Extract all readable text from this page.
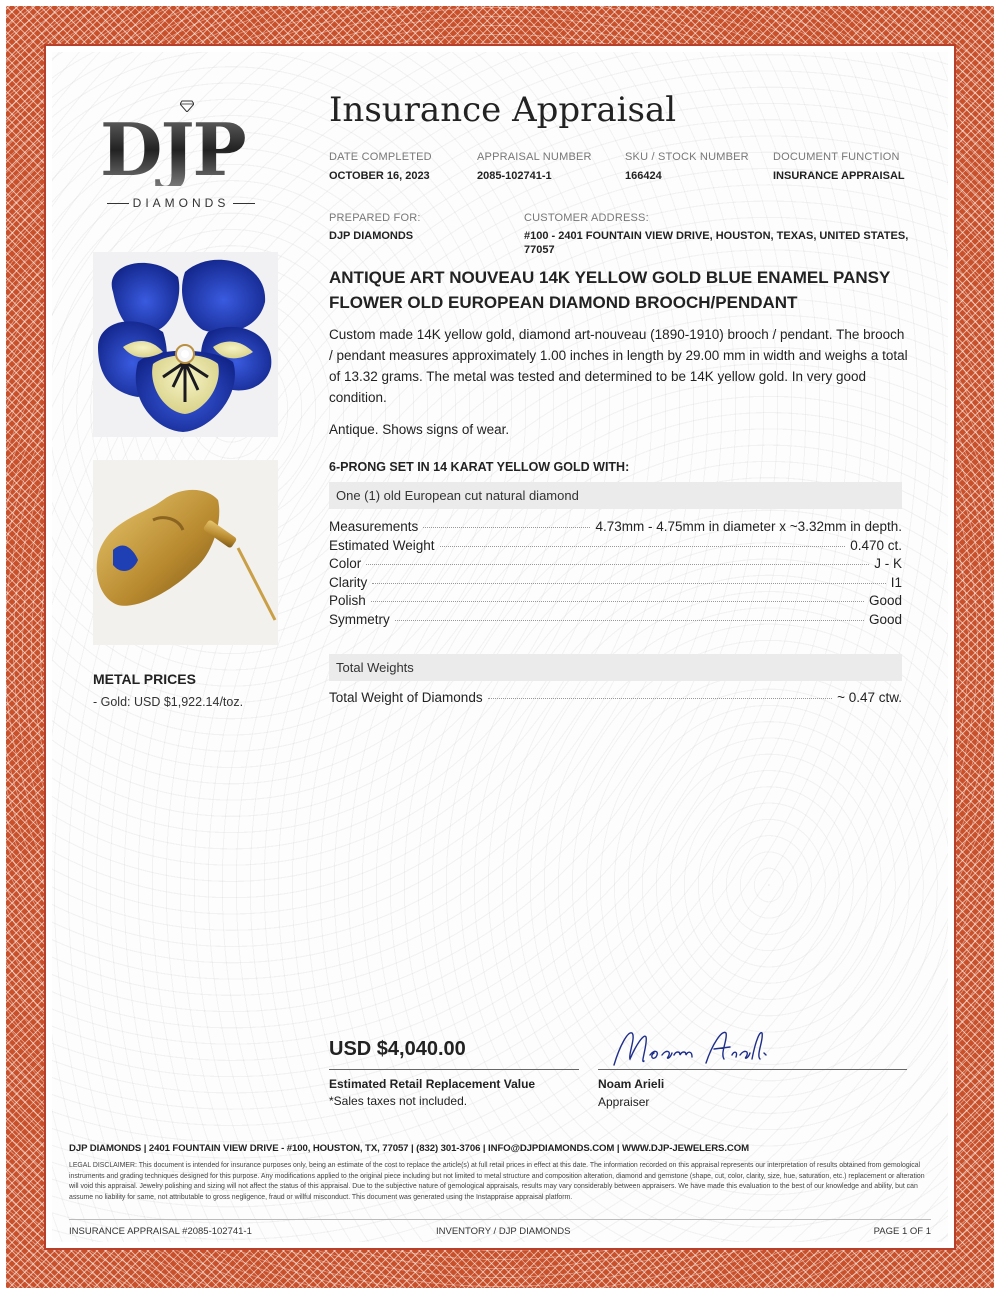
DJP
DIAMONDS
METAL PRICES
- Gold: USD $1,922.14/toz.
Insurance Appraisal
DATE COMPLETED
OCTOBER 16, 2023
APPRAISAL NUMBER
2085-102741-1
SKU / STOCK NUMBER
166424
DOCUMENT FUNCTION
INSURANCE APPRAISAL
PREPARED FOR:
DJP DIAMONDS
CUSTOMER ADDRESS:
#100 - 2401 FOUNTAIN VIEW DRIVE, HOUSTON, TEXAS, UNITED STATES,
77057
ANTIQUE ART NOUVEAU 14K YELLOW GOLD BLUE ENAMEL PANSY FLOWER OLD EUROPEAN DIAMOND BROOCH/PENDANT
Custom made 14K yellow gold, diamond art-nouveau (1890-1910) brooch / pendant. The brooch / pendant measures approximately 1.00 inches in length by 29.00 mm in width and weighs a total of 13.32 grams. The metal was tested and determined to be 14K yellow gold. In very good condition.
Antique. Shows signs of wear.
6-PRONG SET IN 14 KARAT YELLOW GOLD WITH:
One (1) old European cut natural diamond
Measurements	4.73mm - 4.75mm in diameter x ~3.32mm in depth.
Estimated Weight	0.470 ct.
Color	J - K
Clarity	I1
Polish	Good
Symmetry	Good
Total Weights
Total Weight of Diamonds	~ 0.47 ctw.
USD $4,040.00
Estimated Retail Replacement Value
*Sales taxes not included.
Noam Arieli
Appraiser
DJP DIAMONDS | 2401 FOUNTAIN VIEW DRIVE - #100, HOUSTON, TX, 77057 | (832) 301-3706 | INFO@DJPDIAMONDS.COM | WWW.DJP-JEWELERS.COM
LEGAL DISCLAIMER: This document is intended for insurance purposes only, being an estimate of the cost to replace the article(s) at full retail prices in effect at this date. The information recorded on this appraisal represents our interpretation of results obtained from gemological instruments and grading techniques designed for this purpose. Any modifications applied to the original piece including but not limited to metal structure and composition alteration, diamond and gemstone (shape, cut, color, clarity, size, hue, saturation, etc.) replacement or alteration will void this appraisal. Jewelry polishing and sizing will not affect the status of this appraisal. Due to the subjective nature of gemological appraisals, results may vary considerably between appraisers. We have made this evaluation to the best of our knowledge and ability, but can assume no liability for same, not attributable to gross negligence, fraud or willful misconduct. This document was generated using the Instappraise appraisal platform.
INSURANCE APPRAISAL #2085-102741-1	INVENTORY / DJP DIAMONDS	PAGE 1 OF 1
